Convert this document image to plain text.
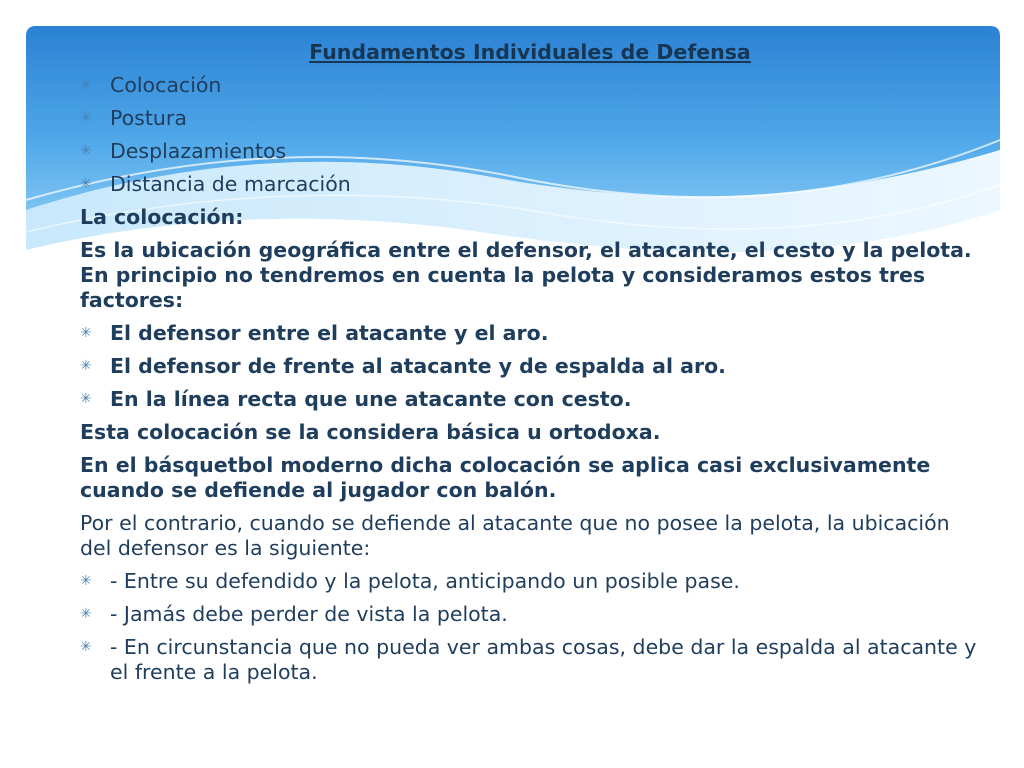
Fundamentos Individuales de Defensa
✳ Colocación
✳ Postura
✳ Desplazamientos
✳ Distancia de marcación
La colocación:
Es la ubicación geográfica entre el defensor, el atacante, el cesto y la pelota. En principio no tendremos en cuenta la pelota y consideramos estos tres factores:
✳ El defensor entre el atacante y el aro.
✳ El defensor de frente al atacante y de espalda al aro.
✳ En la línea recta que une atacante con cesto.
Esta colocación se la considera básica u ortodoxa.
En el básquetbol moderno dicha colocación se aplica casi exclusivamente cuando se defiende al jugador con balón.
Por el contrario, cuando se defiende al atacante que no posee la pelota, la ubicación del defensor es la siguiente:
✳ - Entre su defendido y la pelota, anticipando un posible pase.
✳ - Jamás debe perder de vista la pelota.
✳ - En circunstancia que no pueda ver ambas cosas, debe dar la espalda al atacante y el frente a la pelota.
